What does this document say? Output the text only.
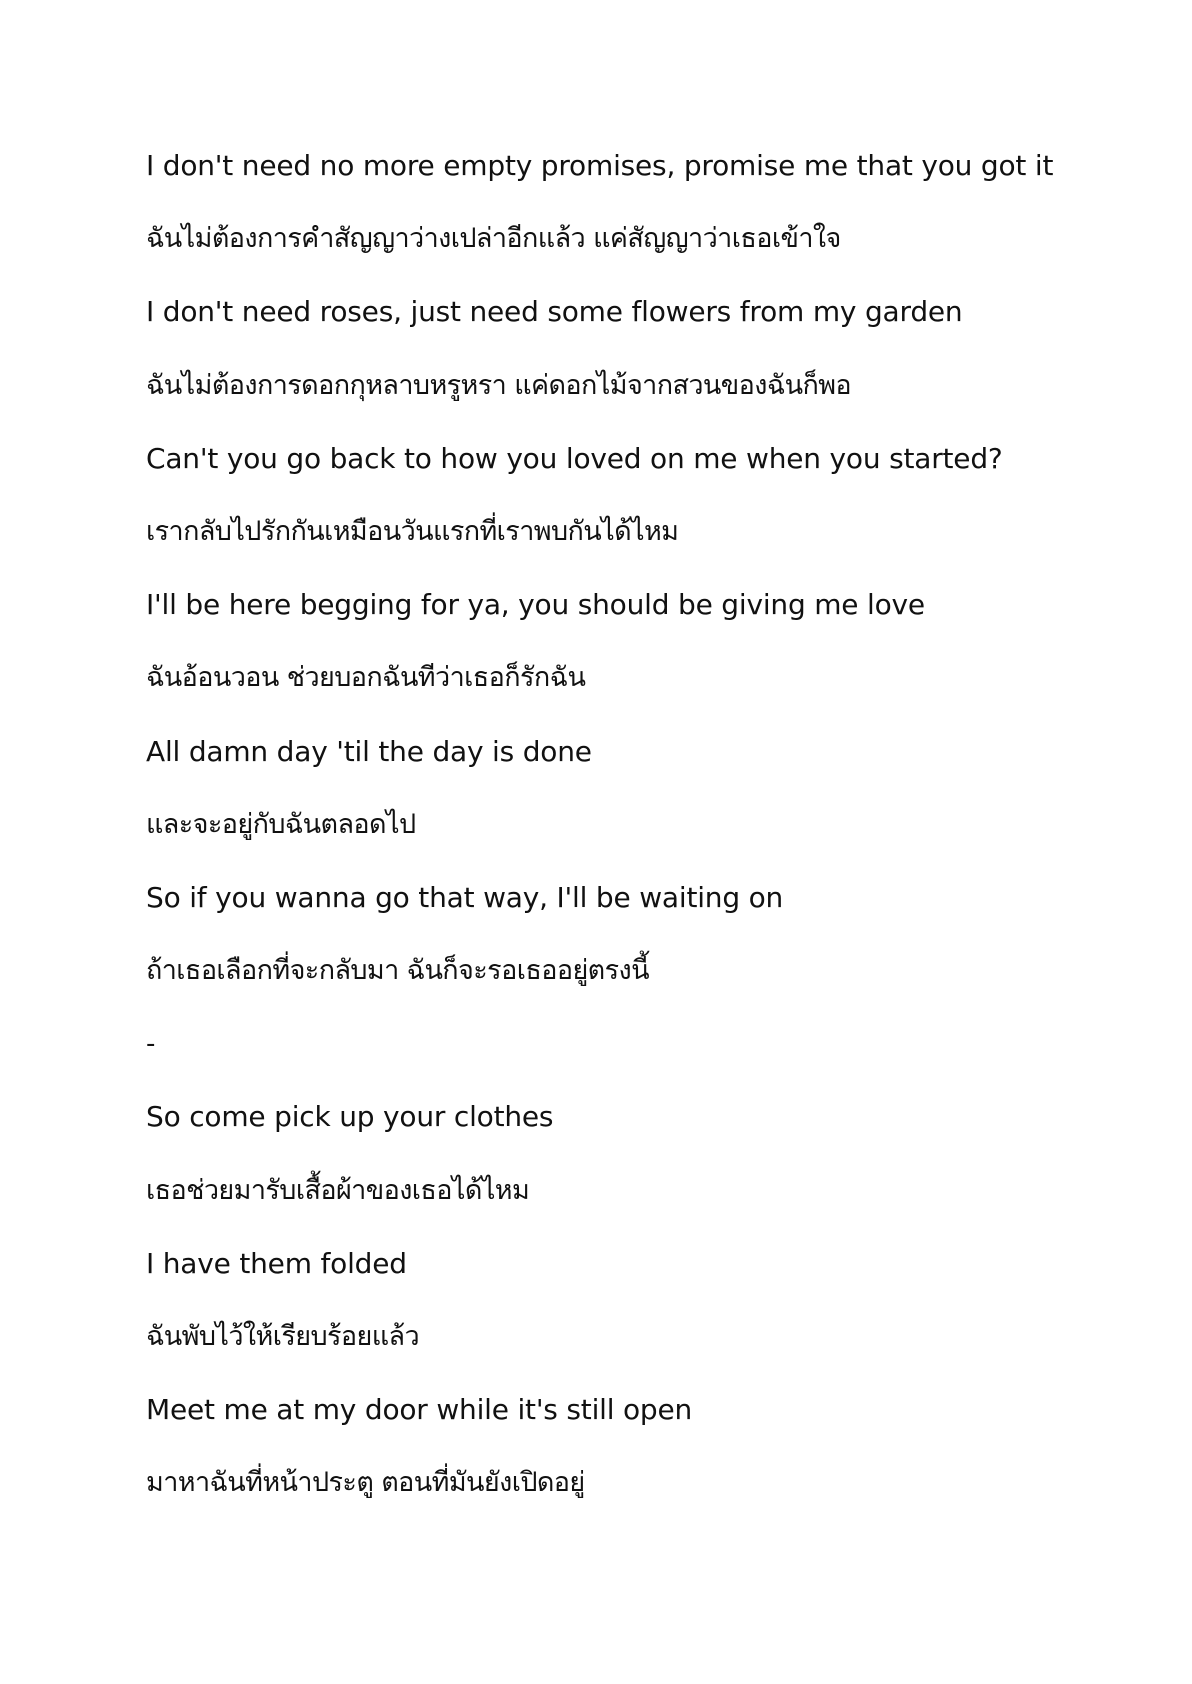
I don't need no more empty promises, promise me that you got it
ฉันไม่ต้องการคำสัญญาว่างเปล่าอีกแล้ว แค่สัญญาว่าเธอเข้าใจ
I don't need roses, just need some flowers from my garden
ฉันไม่ต้องการดอกกุหลาบหรูหรา แค่ดอกไม้จากสวนของฉันก็พอ
Can't you go back to how you loved on me when you started?
เรากลับไปรักกันเหมือนวันแรกที่เราพบกันได้ไหม
I'll be here begging for ya, you should be giving me love
ฉันอ้อนวอน ช่วยบอกฉันทีว่าเธอก็รักฉัน
All damn day 'til the day is done
และจะอยู่กับฉันตลอดไป
So if you wanna go that way, I'll be waiting on
ถ้าเธอเลือกที่จะกลับมา ฉันก็จะรอเธออยู่ตรงนี้
-
So come pick up your clothes
เธอช่วยมารับเสื้อผ้าของเธอได้ไหม
I have them folded
ฉันพับไว้ให้เรียบร้อยแล้ว
Meet me at my door while it's still open
มาหาฉันที่หน้าประตู ตอนที่มันยังเปิดอยู่
